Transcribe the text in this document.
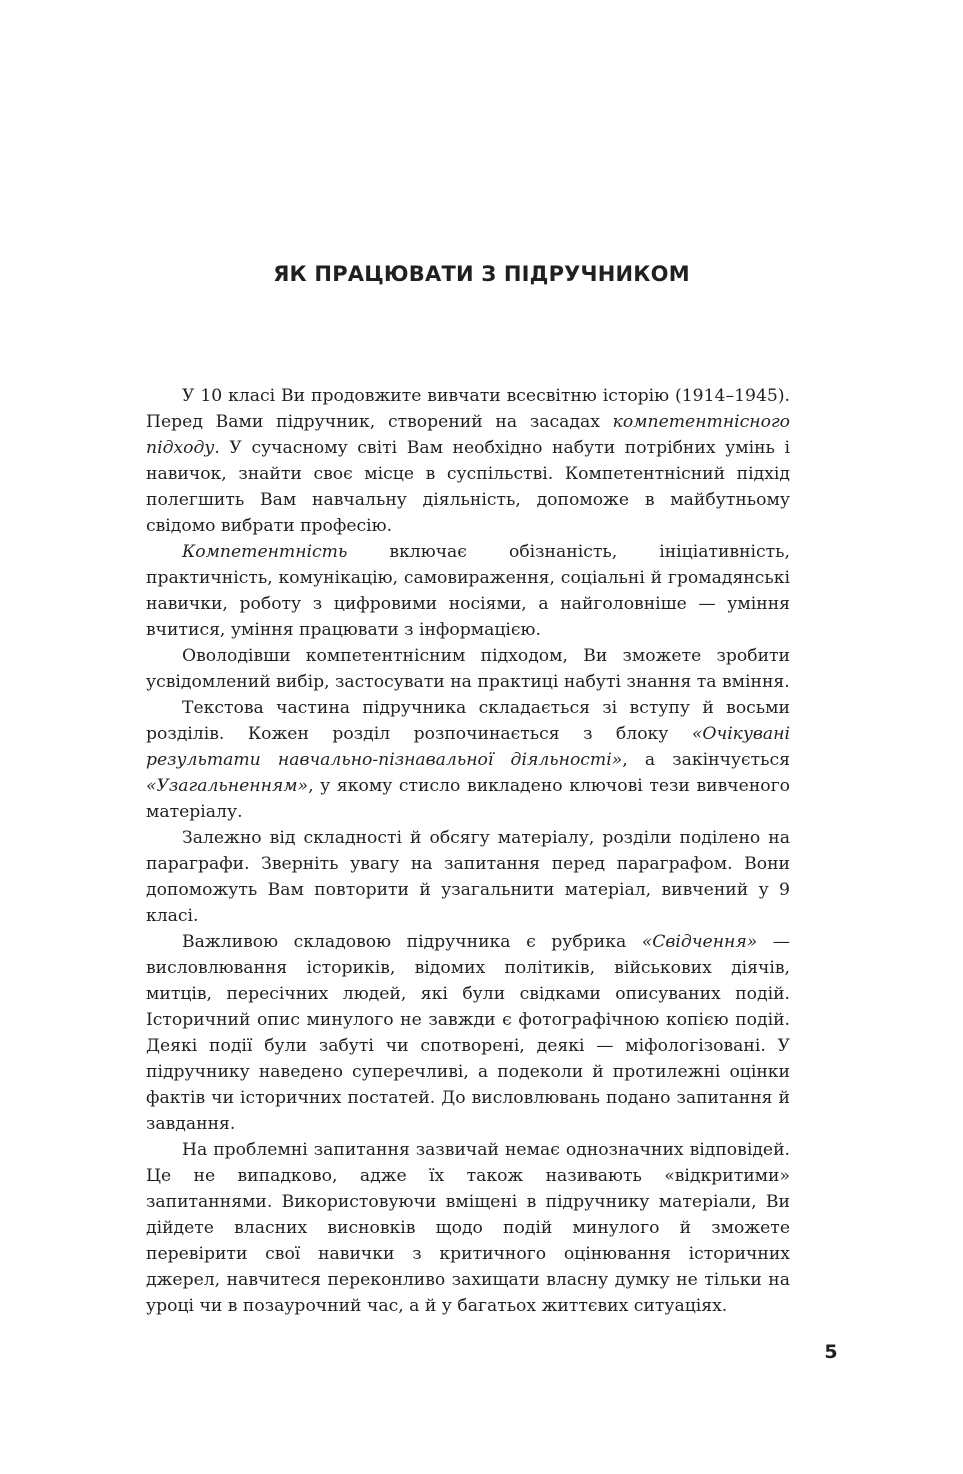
ЯК ПРАЦЮВАТИ З ПІДРУЧНИКОМ

У 10 класі Ви продовжите вивчати всесвітню історію (1914–1945). Перед Вами підручник, створений на засадах компетентнісного підходу. У сучасному світі Вам необхідно набути потрібних умінь і навичок, знайти своє місце в суспільстві. Компетентнісний підхід полегшить Вам навчальну діяльність, допоможе в майбутньому свідомо вибрати професію.

Компетентність включає обізнаність, ініціативність, практичність, комунікацію, самовираження, соціальні й громадянські навички, роботу з цифровими носіями, а найголовніше — уміння вчитися, уміння працювати з інформацією.

Оволодівши компетентнісним підходом, Ви зможете зробити усвідомлений вибір, застосувати на практиці набуті знання та вміння.

Текстова частина підручника складається зі вступу й восьми розділів. Кожен розділ розпочинається з блоку «Очікувані результати навчально-пізнавальної діяльності», а закінчується «Узагальненням», у якому стисло викладено ключові тези вивченого матеріалу.

Залежно від складності й обсягу матеріалу, розділи поділено на параграфи. Зверніть увагу на запитання перед параграфом. Вони допоможуть Вам повторити й узагальнити матеріал, вивчений у 9 класі.

Важливою складовою підручника є рубрика «Свідчення» — висловлювання істориків, відомих політиків, військових діячів, митців, пересічних людей, які були свідками описуваних подій. Історичний опис минулого не завжди є фотографічною копією подій. Деякі події були забуті чи спотворені, деякі — міфологізовані. У підручнику наведено суперечливі, а подеколи й протилежні оцінки фактів чи історичних постатей. До висловлювань подано запитання й завдання.

На проблемні запитання зазвичай немає однозначних відповідей. Це не випадково, адже їх також називають «відкритими» запитаннями. Використовуючи вміщені в підручнику матеріали, Ви дійдете власних висновків щодо подій минулого й зможете перевірити свої навички з критичного оцінювання історичних джерел, навчитеся переконливо захищати власну думку не тільки на уроці чи в позаурочний час, а й у багатьох життєвих ситуаціях.

5
